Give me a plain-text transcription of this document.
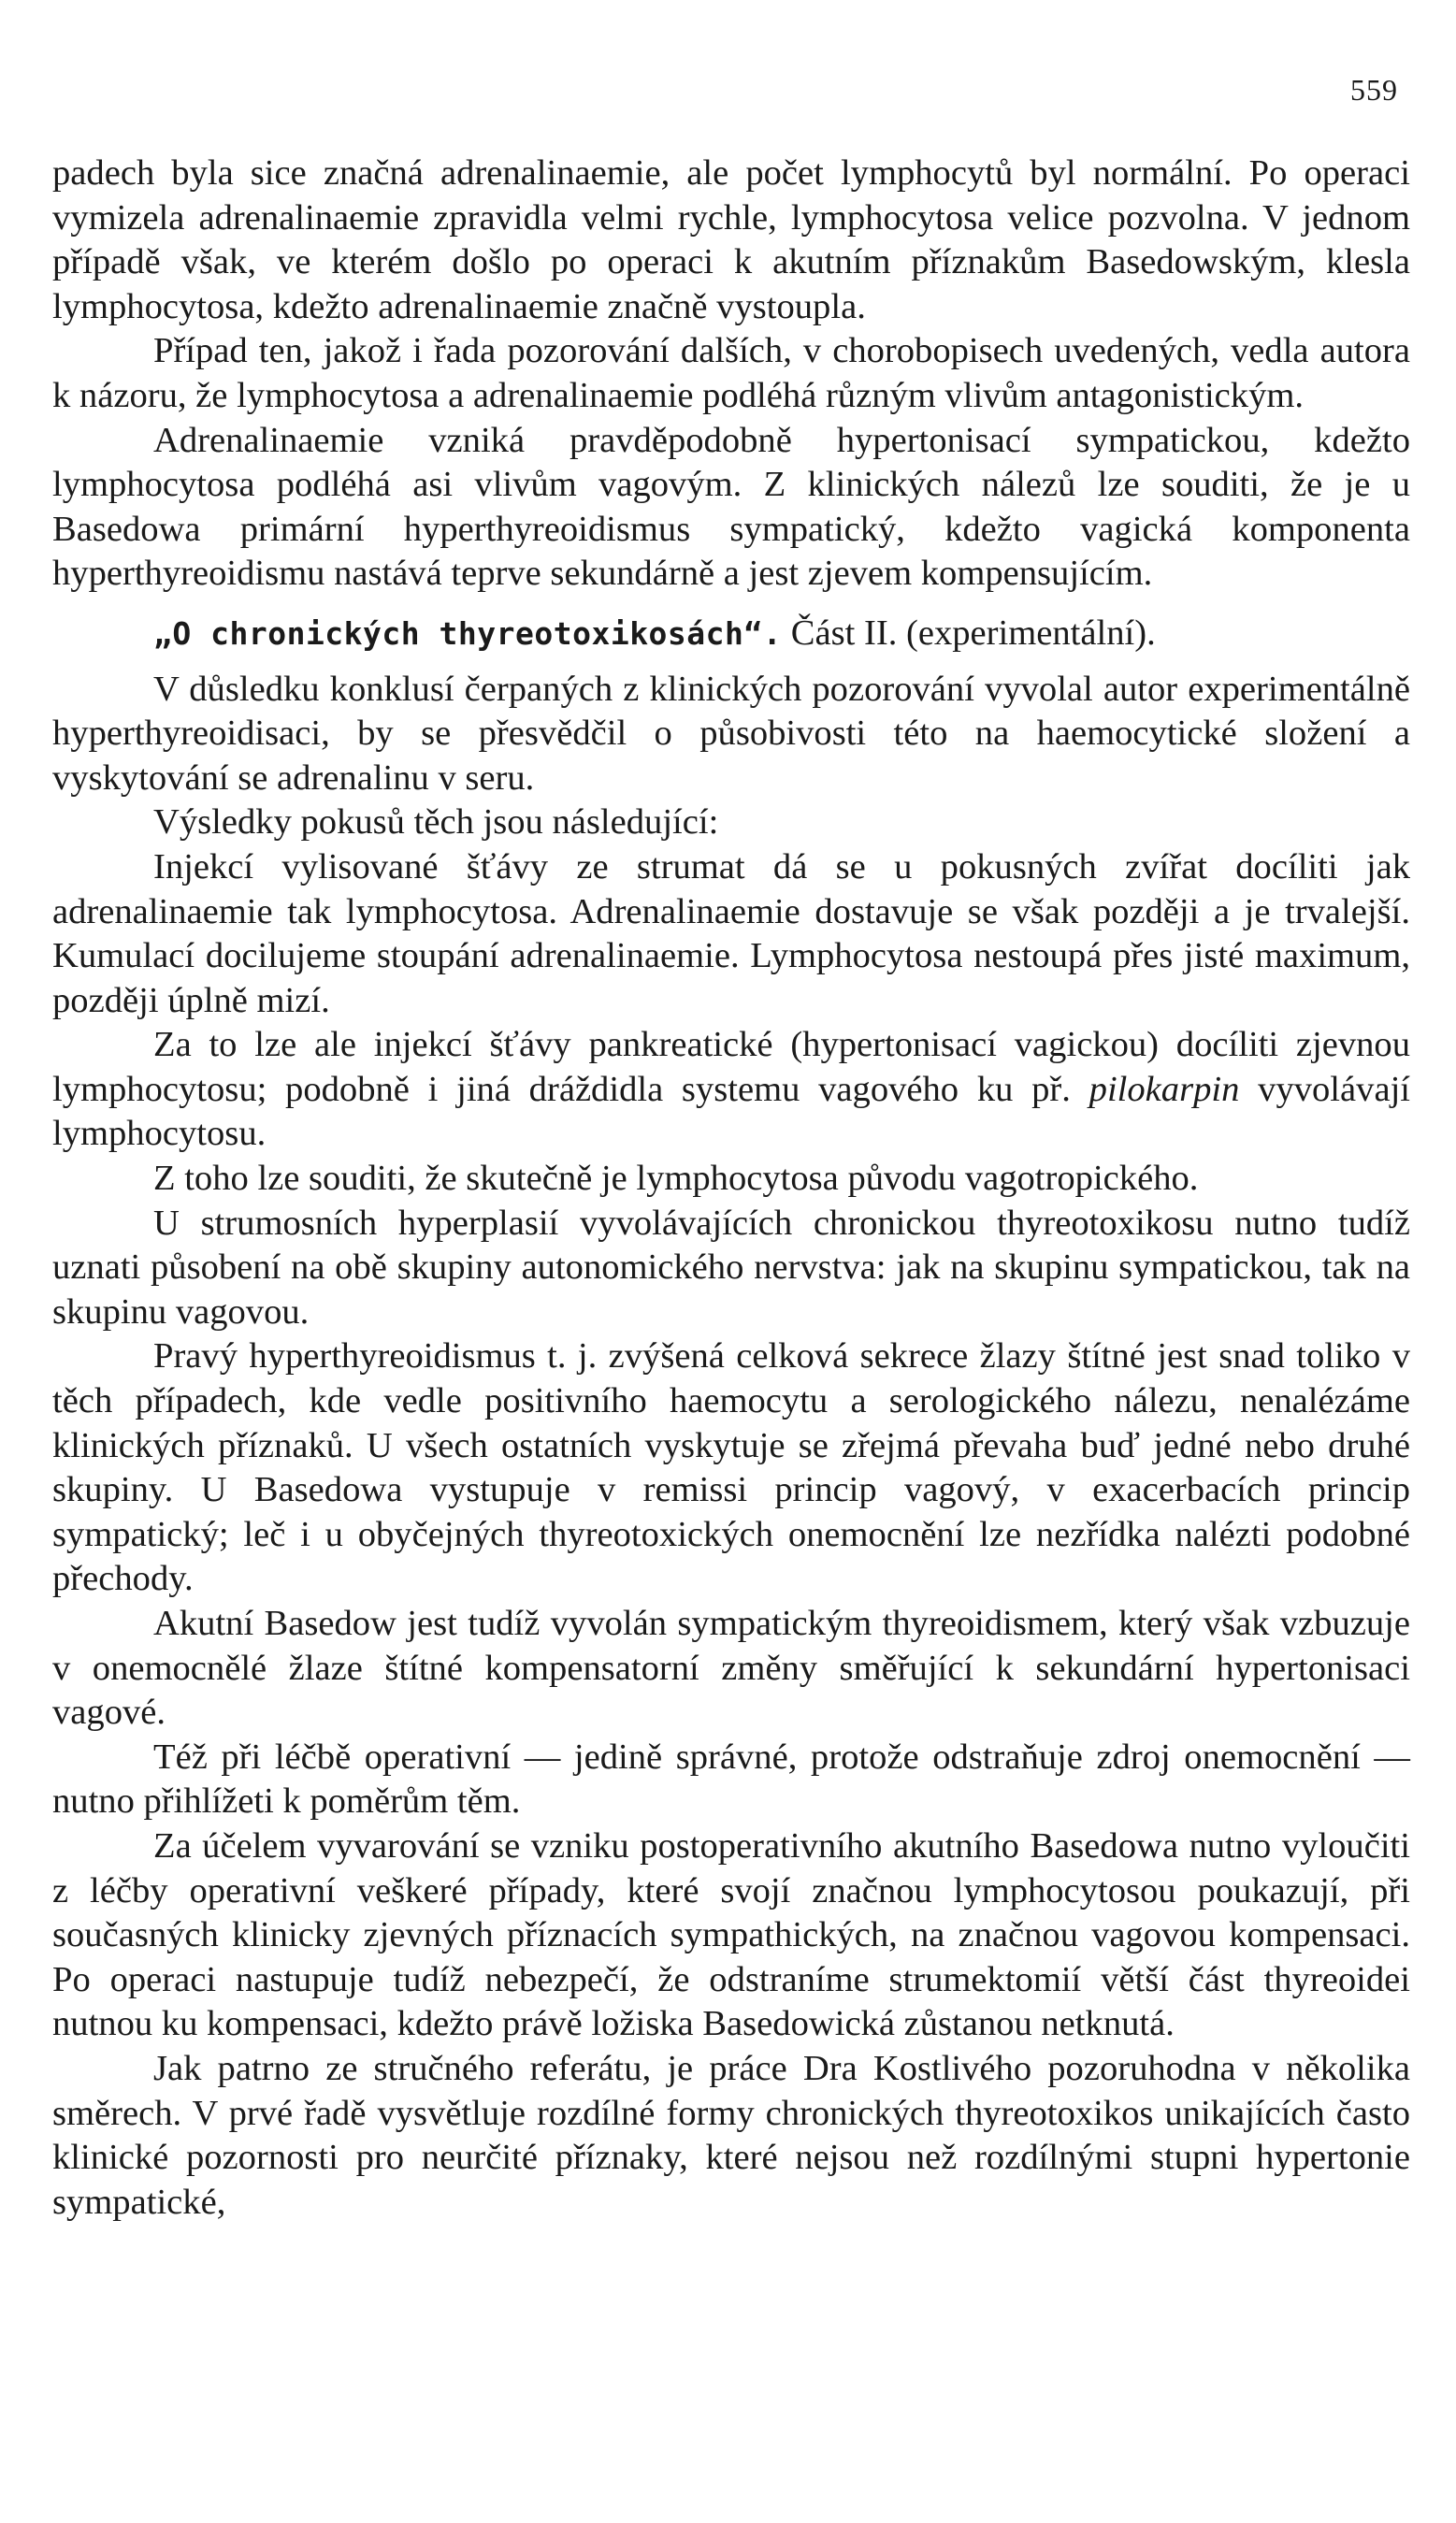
559

padech byla sice značná adrenalinaemie, ale počet lymphocytů byl normální. Po operaci vymizela adrenalinaemie zpravidla velmi rychle, lymphocytosa velice pozvolna. V jednom případě však, ve kterém došlo po operaci k akutním příznakům Basedowským, klesla lymphocytosa, kdežto adrenalinaemie značně vystoupla.

Případ ten, jakož i řada pozorování dalších, v chorobopisech uvedených, vedla autora k názoru, že lymphocytosa a adrenalinaemie podléhá různým vlivům antagonistickým.

Adrenalinaemie vzniká pravděpodobně hypertonisací sympatickou, kdežto lymphocytosa podléhá asi vlivům vagovým. Z klinických nálezů lze souditi, že je u Basedowa primární hyperthyreoidismus sympatický, kdežto vagická komponenta hyperthyreoidismu nastává teprve sekundárně a jest zjevem kompensujícím.

„O chronických thyreotoxikosách“. Část II. (experimentální).

V důsledku konklusí čerpaných z klinických pozorování vyvolal autor experimentálně hyperthyreoidisaci, by se přesvědčil o působivosti této na haemocytické složení a vyskytování se adrenalinu v seru.

Výsledky pokusů těch jsou následující:

Injekcí vylisované šťávy ze strumat dá se u pokusných zvířat docíliti jak adrenalinaemie tak lymphocytosa. Adrenalinaemie dostavuje se však později a je trvalejší. Kumulací docilujeme stoupání adrenalinaemie. Lymphocytosa nestoupá přes jisté maximum, později úplně mizí.

Za to lze ale injekcí šťávy pankreatické (hypertonisací vagickou) docíliti zjevnou lymphocytosu; podobně i jiná dráždidla systemu vagového ku př. pilokarpin vyvolávají lymphocytosu.

Z toho lze souditi, že skutečně je lymphocytosa původu vagotropického.

U strumosních hyperplasií vyvolávajících chronickou thyreotoxikosu nutno tudíž uznati působení na obě skupiny autonomického nervstva: jak na skupinu sympatickou, tak na skupinu vagovou.

Pravý hyperthyreoidismus t. j. zvýšená celková sekrece žlazy štítné jest snad toliko v těch případech, kde vedle positivního haemocytu a serologického nálezu, nenalézáme klinických příznaků. U všech ostatních vyskytuje se zřejmá převaha buď jedné nebo druhé skupiny. U Basedowa vystupuje v remissi princip vagový, v exacerbacích princip sympatický; leč i u obyčejných thyreotoxických onemocnění lze nezřídka nalézti podobné přechody.

Akutní Basedow jest tudíž vyvolán sympatickým thyreoidismem, který však vzbuzuje v onemocnělé žlaze štítné kompensatorní změny směřující k sekundární hypertonisaci vagové.

Též při léčbě operativní — jedině správné, protože odstraňuje zdroj onemocnění — nutno přihlížeti k poměrům těm.

Za účelem vyvarování se vzniku postoperativního akutního Basedowa nutno vyloučiti z léčby operativní veškeré případy, které svojí značnou lymphocytosou poukazují, při současných klinicky zjevných příznacích sympathických, na značnou vagovou kompensaci. Po operaci nastupuje tudíž nebezpečí, že odstraníme strumektomií větší část thyreoidei nutnou ku kompensaci, kdežto právě ložiska Basedowická zůstanou netknutá.

Jak patrno ze stručného referátu, je práce Dra Kostlivého pozoruhodna v několika směrech. V prvé řadě vysvětluje rozdílné formy chronických thyreotoxikos unikajících často klinické pozornosti pro neurčité příznaky, které nejsou než rozdílnými stupni hypertonie sympatické,
